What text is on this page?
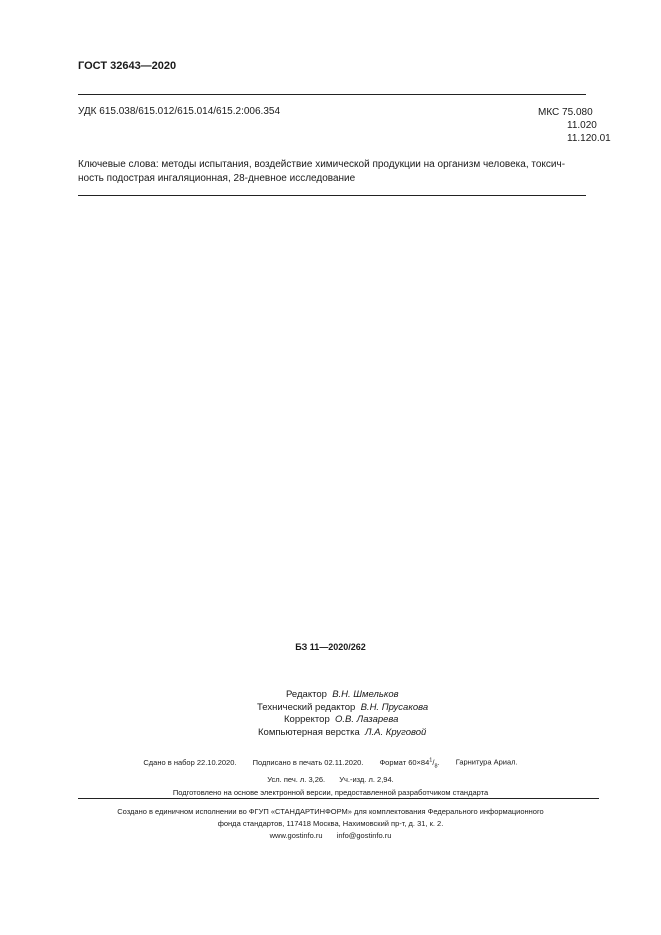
ГОСТ 32643—2020
УДК 615.038/615.012/615.014/615.2:006.354	МКС 75.080
11.020
11.120.01
Ключевые слова: методы испытания, воздействие химической продукции на организм человека, токсич-
ность подострая ингаляционная, 28-дневное исследование
БЗ 11—2020/262
Редактор В.Н. Шмельков
Технический редактор В.Н. Прусакова
Корректор О.В. Лазарева
Компьютерная верстка Л.А. Круговой
Сдано в набор 22.10.2020. Подписано в печать 02.11.2020. Формат $60\times 84^1/_8$. Гарнитура Ариал.
Усл. печ. л. 3,26. Уч.-изд. л. 2,94.
Подготовлено на основе электронной версии, предоставленной разработчиком стандарта
Создано в единичном исполнении во ФГУП «СТАНДАРТИНФОРМ» для комплектования Федерального информационного
фонда стандартов, 117418 Москва, Нахимовский пр-т, д. 31, к. 2.
www.gostinfo.ru info@gostinfo.ru
